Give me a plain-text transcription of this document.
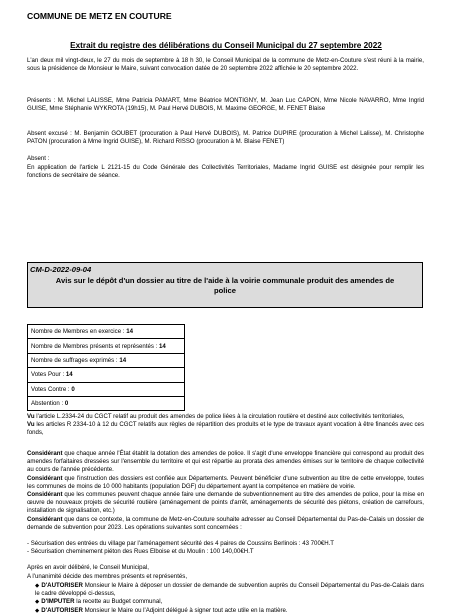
COMMUNE DE METZ EN COUTURE
Extrait du registre des délibérations du Conseil Municipal du 27 septembre 2022
L'an deux mil vingt-deux, le 27 du mois de septembre à 18 h 30, le Conseil Municipal de la commune de Metz-en-Couture s'est réuni à la mairie, sous la présidence de Monsieur le Maire, suivant convocation datée de 20 septembre 2022 affichée le 20 septembre 2022.
Présents : M. Michel LALISSE, Mme Patricia PAMART, Mme Béatrice MONTIGNY, M. Jean Luc CAPON, Mme Nicole NAVARRO, Mme Ingrid GUISE, Mme Stéphanie WYKROTA (19h15), M. Paul Hervé DUBOIS, M. Maxime GEORGE, M. FENET Blaise
Absent excusé : M. Benjamin GOUBET (procuration à Paul Hervé DUBOIS), M. Patrice DUPIRE (procuration à Michel Lalisse), M. Christophe PATON (procuration à Mme Ingrid GUISE), M. Richard RISSO (procuration à M. Blaise FENET)
Absent :
En application de l'article L 2121-15 du Code Générale des Collectivités Territoriales, Madame Ingrid GUISE est désignée pour remplir les fonctions de secrétaire de séance.
CM-D-2022-09-04
Avis sur le dépôt d'un dossier au titre de l'aide à la voirie communale produit des amendes de police
Nombre de Membres en exercice : 14
Nombre de Membres présents et représentés : 14
Nombre de suffrages exprimés : 14
Votes Pour : 14
Votes Contre : 0
Abstention : 0
Vu l'article L.2334-24 du CGCT relatif au produit des amendes de police liées à la circulation routière et destiné aux collectivités territoriales,
Vu les articles R 2334-10 à 12 du CGCT relatifs aux règles de répartition des produits et le type de travaux ayant vocation à être financés avec ces fonds,
Considérant que chaque année l'État établit la dotation des amendes de police. Il s'agit d'une enveloppe financière qui correspond au produit des amendes forfaitaires dressées sur l'ensemble du territoire et qui est répartie au prorata des amendes émises sur le territoire de chaque collectivité au cours de l'année précédente.
Considérant que l'instruction des dossiers est confiée aux Départements. Peuvent bénéficier d'une subvention au titre de cette enveloppe, toutes les communes de moins de 10 000 habitants (population DGF) du département ayant la compétence en matière de voirie.
Considérant que les communes peuvent chaque année faire une demande de subventionnement au titre des amendes de police, pour la mise en œuvre de nouveaux projets de sécurité routière (aménagement de points d'arrêt, aménagements de sécurité des piétons, création de carrefours, installation de signalisation, etc.)
Considérant que dans ce contexte, la commune de Metz-en-Couture souhaite adresser au Conseil Départemental du Pas-de-Calais un dossier de demande de subvention pour 2023. Les opérations suivantes sont concernées :
- Sécurisation des entrées du village par l'aménagement sécurité des 4 paires de Coussins Berlinois : 43 700€H.T
- Sécurisation cheminement piéton des Rues Elboise et du Moulin : 100 140,00€H.T
Après en avoir délibéré, le Conseil Municipal,
A l'unanimité décide des membres présents et représentés,
◆ D'AUTORISER Monsieur le Maire à déposer un dossier de demande de subvention auprès du Conseil Départemental du Pas-de-Calais dans le cadre développé ci-dessus,
◆ D'IMPUTER la recette au Budget communal,
◆ D'AUTORISER Monsieur le Maire ou l'Adjoint délégué à signer tout acte utile en la matière.
